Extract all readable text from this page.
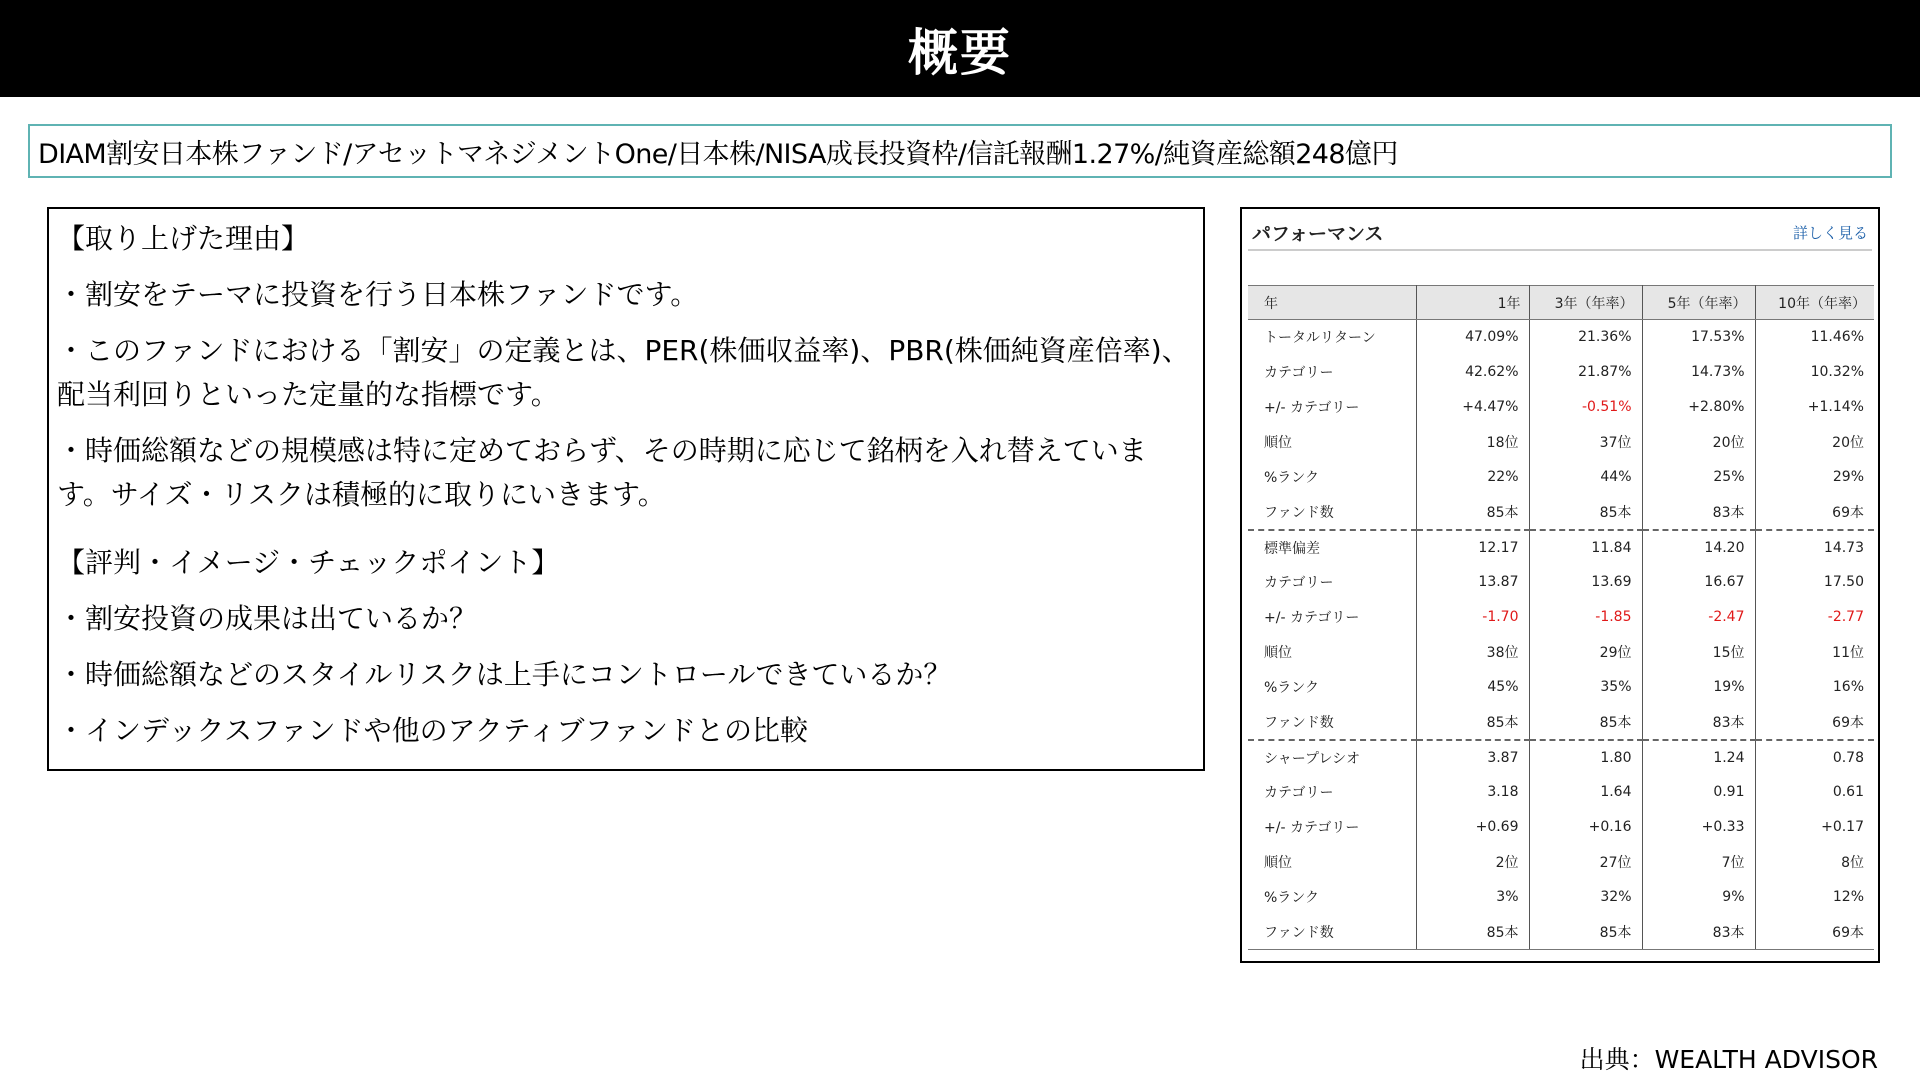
概要
DIAM割安日本株ファンド/アセットマネジメントOne/日本株/NISA成長投資枠/信託報酬1.27%/純資産総額248億円

【取り上げた理由】

・割安をテーマに投資を行う日本株ファンドです。

・このファンドにおける「割安」の定義とは、PER(株価収益率)、PBR(株価純資産倍率)、配当利回りといった定量的な指標です。

・時価総額などの規模感は特に定めておらず、その時期に応じて銘柄を入れ替えています。サイズ・リスクは積極的に取りにいきます。

【評判・イメージ・チェックポイント】

・割安投資の成果は出ているか？

・時価総額などのスタイルリスクは上手にコントロールできているか？

・インデックスファンドや他のアクティブファンドとの比較

パフォーマンス	詳しく見る
年	1年	3年（年率）	5年（年率）	10年（年率）
トータルリターン	47.09%	21.36%	17.53%	11.46%
カテゴリー	42.62%	21.87%	14.73%	10.32%
+/- カテゴリー	+4.47%	-0.51%	+2.80%	+1.14%
順位	18位	37位	20位	20位
%ランク	22%	44%	25%	29%
ファンド数	85本	85本	83本	69本
標準偏差	12.17	11.84	14.20	14.73
カテゴリー	13.87	13.69	16.67	17.50
+/- カテゴリー	-1.70	-1.85	-2.47	-2.77
順位	38位	29位	15位	11位
%ランク	45%	35%	19%	16%
ファンド数	85本	85本	83本	69本
シャープレシオ	3.87	1.80	1.24	0.78
カテゴリー	3.18	1.64	0.91	0.61
+/- カテゴリー	+0.69	+0.16	+0.33	+0.17
順位	2位	27位	7位	8位
%ランク	3%	32%	9%	12%
ファンド数	85本	85本	83本	69本
出典：WEALTH ADVISOR
